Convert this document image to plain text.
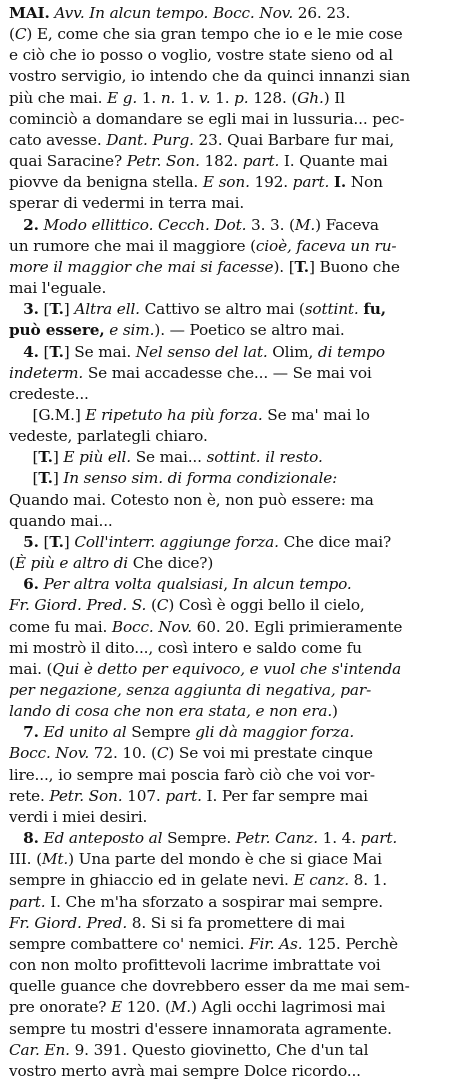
MAI. Avv. In alcun tempo. Bocc. Nov. 26. 23.
(C) E, come che sia gran tempo che io e le mie cose
e ciò che io posso o voglio, vostre state sieno od al
vostro servigio, io intendo che da quinci innanzi sian
più che mai. E g. 1. n. 1. v. 1. p. 128. (Gh.) Il
cominciò a domandare se egli mai in lussuria... pec-
cato avesse. Dant. Purg. 23. Quai Barbare fur mai,
quai Saracine? Petr. Son. 182. part. I. Quante mai
piovve da benigna stella. E son. 192. part. I. Non
sperar di vedermi in terra mai.
2. Modo ellittico. Cecch. Dot. 3. 3. (M.) Faceva
un rumore che mai il maggiore (cioè, faceva un ru-
more il maggior che mai si facesse). [T.] Buono che
mai l'eguale.
3. [T.] Altra ell. Cattivo se altro mai (sottint. fu,
può essere, e sim.). — Poetico se altro mai.
4. [T.] Se mai. Nel senso del lat. Olim, di tempo
indeterm. Se mai accadesse che... — Se mai voi
credeste...
[G.M.] E ripetuto ha più forza. Se ma' mai lo
vedeste, parlategli chiaro.
[T.] E più ell. Se mai... sottint. il resto.
[T.] In senso sim. di forma condizionale:
Quando mai. Cotesto non è, non può essere: ma
quando mai...
5. [T.] Coll'interr. aggiunge forza. Che dice mai?
(È più e altro di Che dice?)
6. Per altra volta qualsiasi, In alcun tempo.
Fr. Giord. Pred. S. (C) Così è oggi bello il cielo,
come fu mai. Bocc. Nov. 60. 20. Egli primieramente
mi mostrò il dito..., così intero e saldo come fu
mai. (Qui è detto per equivoco, e vuol che s'intenda
per negazione, senza aggiunta di negativa, par-
lando di cosa che non era stata, e non era.)
7. Ed unito al Sempre gli dà maggior forza.
Bocc. Nov. 72. 10. (C) Se voi mi prestate cinque
lire..., io sempre mai poscia farò ciò che voi vor-
rete. Petr. Son. 107. part. I. Per far sempre mai
verdi i miei desiri.
8. Ed anteposto al Sempre. Petr. Canz. 1. 4. part.
III. (Mt.) Una parte del mondo è che si giace Mai
sempre in ghiaccio ed in gelate nevi. E canz. 8. 1.
part. I. Che m'ha sforzato a sospirar mai sempre.
Fr. Giord. Pred. 8. Si si fa promettere di mai
sempre combattere co' nemici. Fir. As. 125. Perchè
con non molto profittevoli lacrime imbrattate voi
quelle guance che dovrebbero esser da me mai sem-
pre onorate? E 120. (M.) Agli occhi lagrimosi mai
sempre tu mostri d'essere innamorata agramente.
Car. En. 9. 391. Questo giovinetto, Che d'un tal
vostro merto avrà mai sempre Dolce ricordo...
